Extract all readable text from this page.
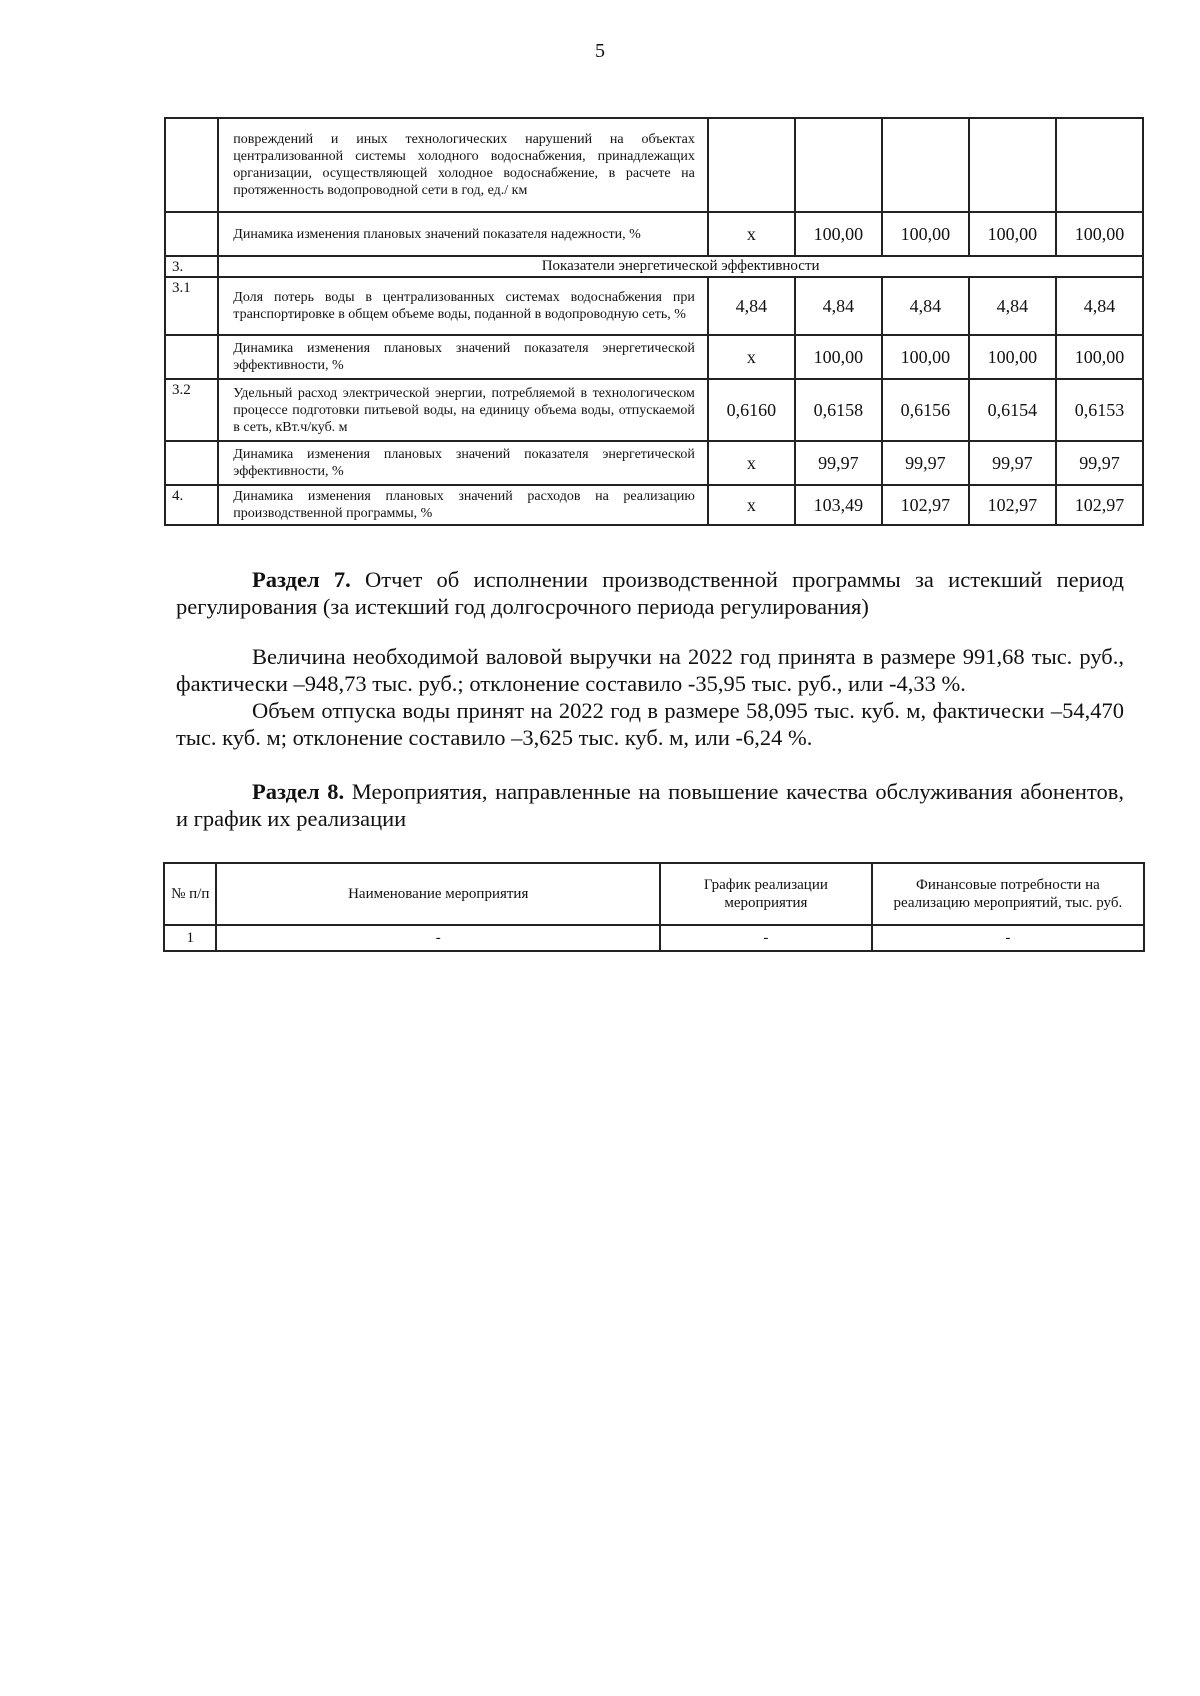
5
	повреждений и иных технологических нарушений на объектах централизованной системы холодного водоснабжения, принадлежащих организации, осуществляющей холодное водоснабжение, в расчете на протяженность водопроводной сети в год, ед./ км					
	Динамика изменения плановых значений показателя надежности, %	х	100,00	100,00	100,00	100,00
3.	Показатели энергетической эффективности					
3.1	Доля потерь воды в централизованных системах водоснабжения при транспортировке в общем объеме воды, поданной в водопроводную сеть, %	4,84	4,84	4,84	4,84	4,84
	Динамика изменения плановых значений показателя энергетической эффективности, %	х	100,00	100,00	100,00	100,00
3.2	Удельный расход электрической энергии, потребляемой в технологическом процессе подготовки питьевой воды, на единицу объема воды, отпускаемой в сеть, кВт.ч/куб. м	0,6160	0,6158	0,6156	0,6154	0,6153
	Динамика изменения плановых значений показателя энергетической эффективности, %	х	99,97	99,97	99,97	99,97
4.	Динамика изменения плановых значений расходов на реализацию производственной программы, %	х	103,49	102,97	102,97	102,97
Раздел 7. Отчет об исполнении производственной программы за истекший период регулирования (за истекший год долгосрочного периода регулирования)
Величина необходимой валовой выручки на 2022 год принята в размере 991,68 тыс. руб., фактически –948,73 тыс. руб.; отклонение составило -35,95 тыс. руб., или -4,33 %.
Объем отпуска воды принят на 2022 год в размере 58,095 тыс. куб. м, фактически –54,470 тыс. куб. м; отклонение составило –3,625 тыс. куб. м, или -6,24 %.
Раздел 8. Мероприятия, направленные на повышение качества обслуживания абонентов, и график их реализации
№ п/п	Наименование мероприятия	График реализации мероприятия	Финансовые потребности на реализацию мероприятий, тыс. руб.
1	-	-	-
